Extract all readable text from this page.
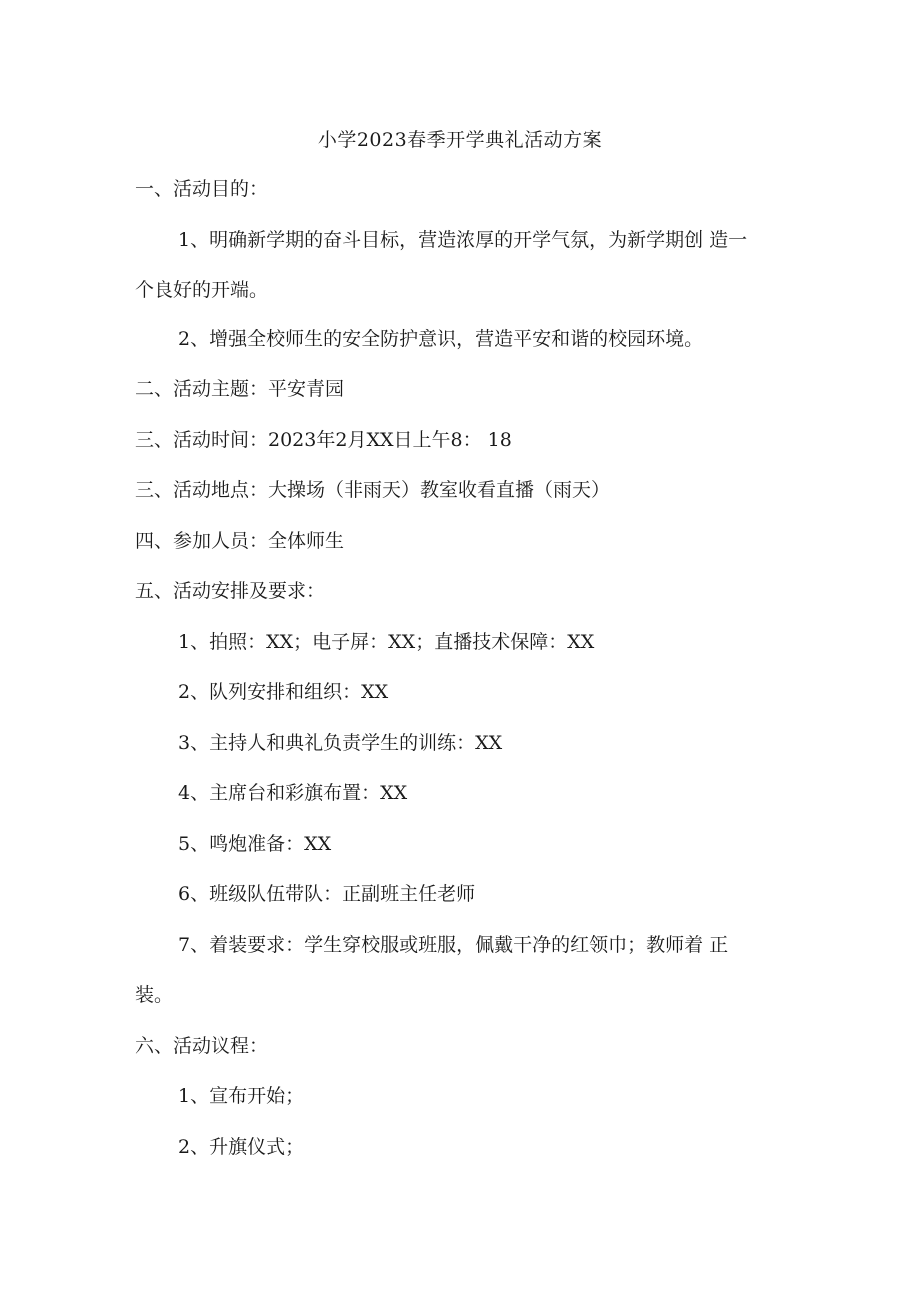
小学2023春季开学典礼活动方案
一、活动目的：
1、明确新学期的奋斗目标，营造浓厚的开学气氛，为新学期创 造一
个良好的开端。
2、增强全校师生的安全防护意识，营造平安和谐的校园环境。
二、活动主题：平安青园
三、活动时间：2023年2月XX日上午8： 18
三、活动地点：大操场（非雨天）教室收看直播（雨天）
四、参加人员：全体师生
五、活动安排及要求：
1、拍照：XX；电子屏：XX；直播技术保障：XX
2、队列安排和组织：XX
3、主持人和典礼负责学生的训练：XX
4、主席台和彩旗布置：XX
5、鸣炮准备：XX
6、班级队伍带队：正副班主任老师
7、着装要求：学生穿校服或班服，佩戴干净的红领巾；教师着 正
装。
六、活动议程：
1、宣布开始；
2、升旗仪式；
